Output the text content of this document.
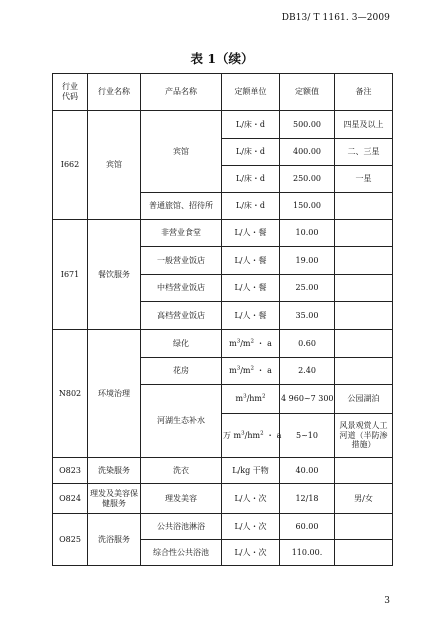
DB13/ T 1161. 3—2009
表 1（续）
行业
代码	行业名称	产品名称	定额单位	定额值	备注
I662	宾馆	宾馆	L/床・d	500.00	四星及以上
			L/床・d	400.00	二、三星
			L/床・d	250.00	一星
		普通旅馆、招待所	L/床・d	150.00	
I671	餐饮服务	非营业食堂	L/人・餐	10.00	
		一般营业饭店	L/人・餐	19.00	
		中档营业饭店	L/人・餐	25.00	
		高档营业饭店	L/人・餐	35.00	
N802	环境治理	绿化	$m^3/m^2$ ・ a	0.60	
		花房	$m^3/m^2$ ・ a	2.40	
		河湖生态补水	$m^3/hm^2$	4 960~7 300	公园湖泊
			万 $m^3/hm^2$ ・ a	5~10	风景观赏人工河道（半防渗措施）
O823	洗染服务	洗衣	L/kg 干物	40.00	
O824	理发及美容保健服务	理发美容	L/人・次	12/18	男/女
O825	洗浴服务	公共浴池淋浴	L/人・次	60.00	
		综合性公共浴池	L/人・次	110.00.	
3
